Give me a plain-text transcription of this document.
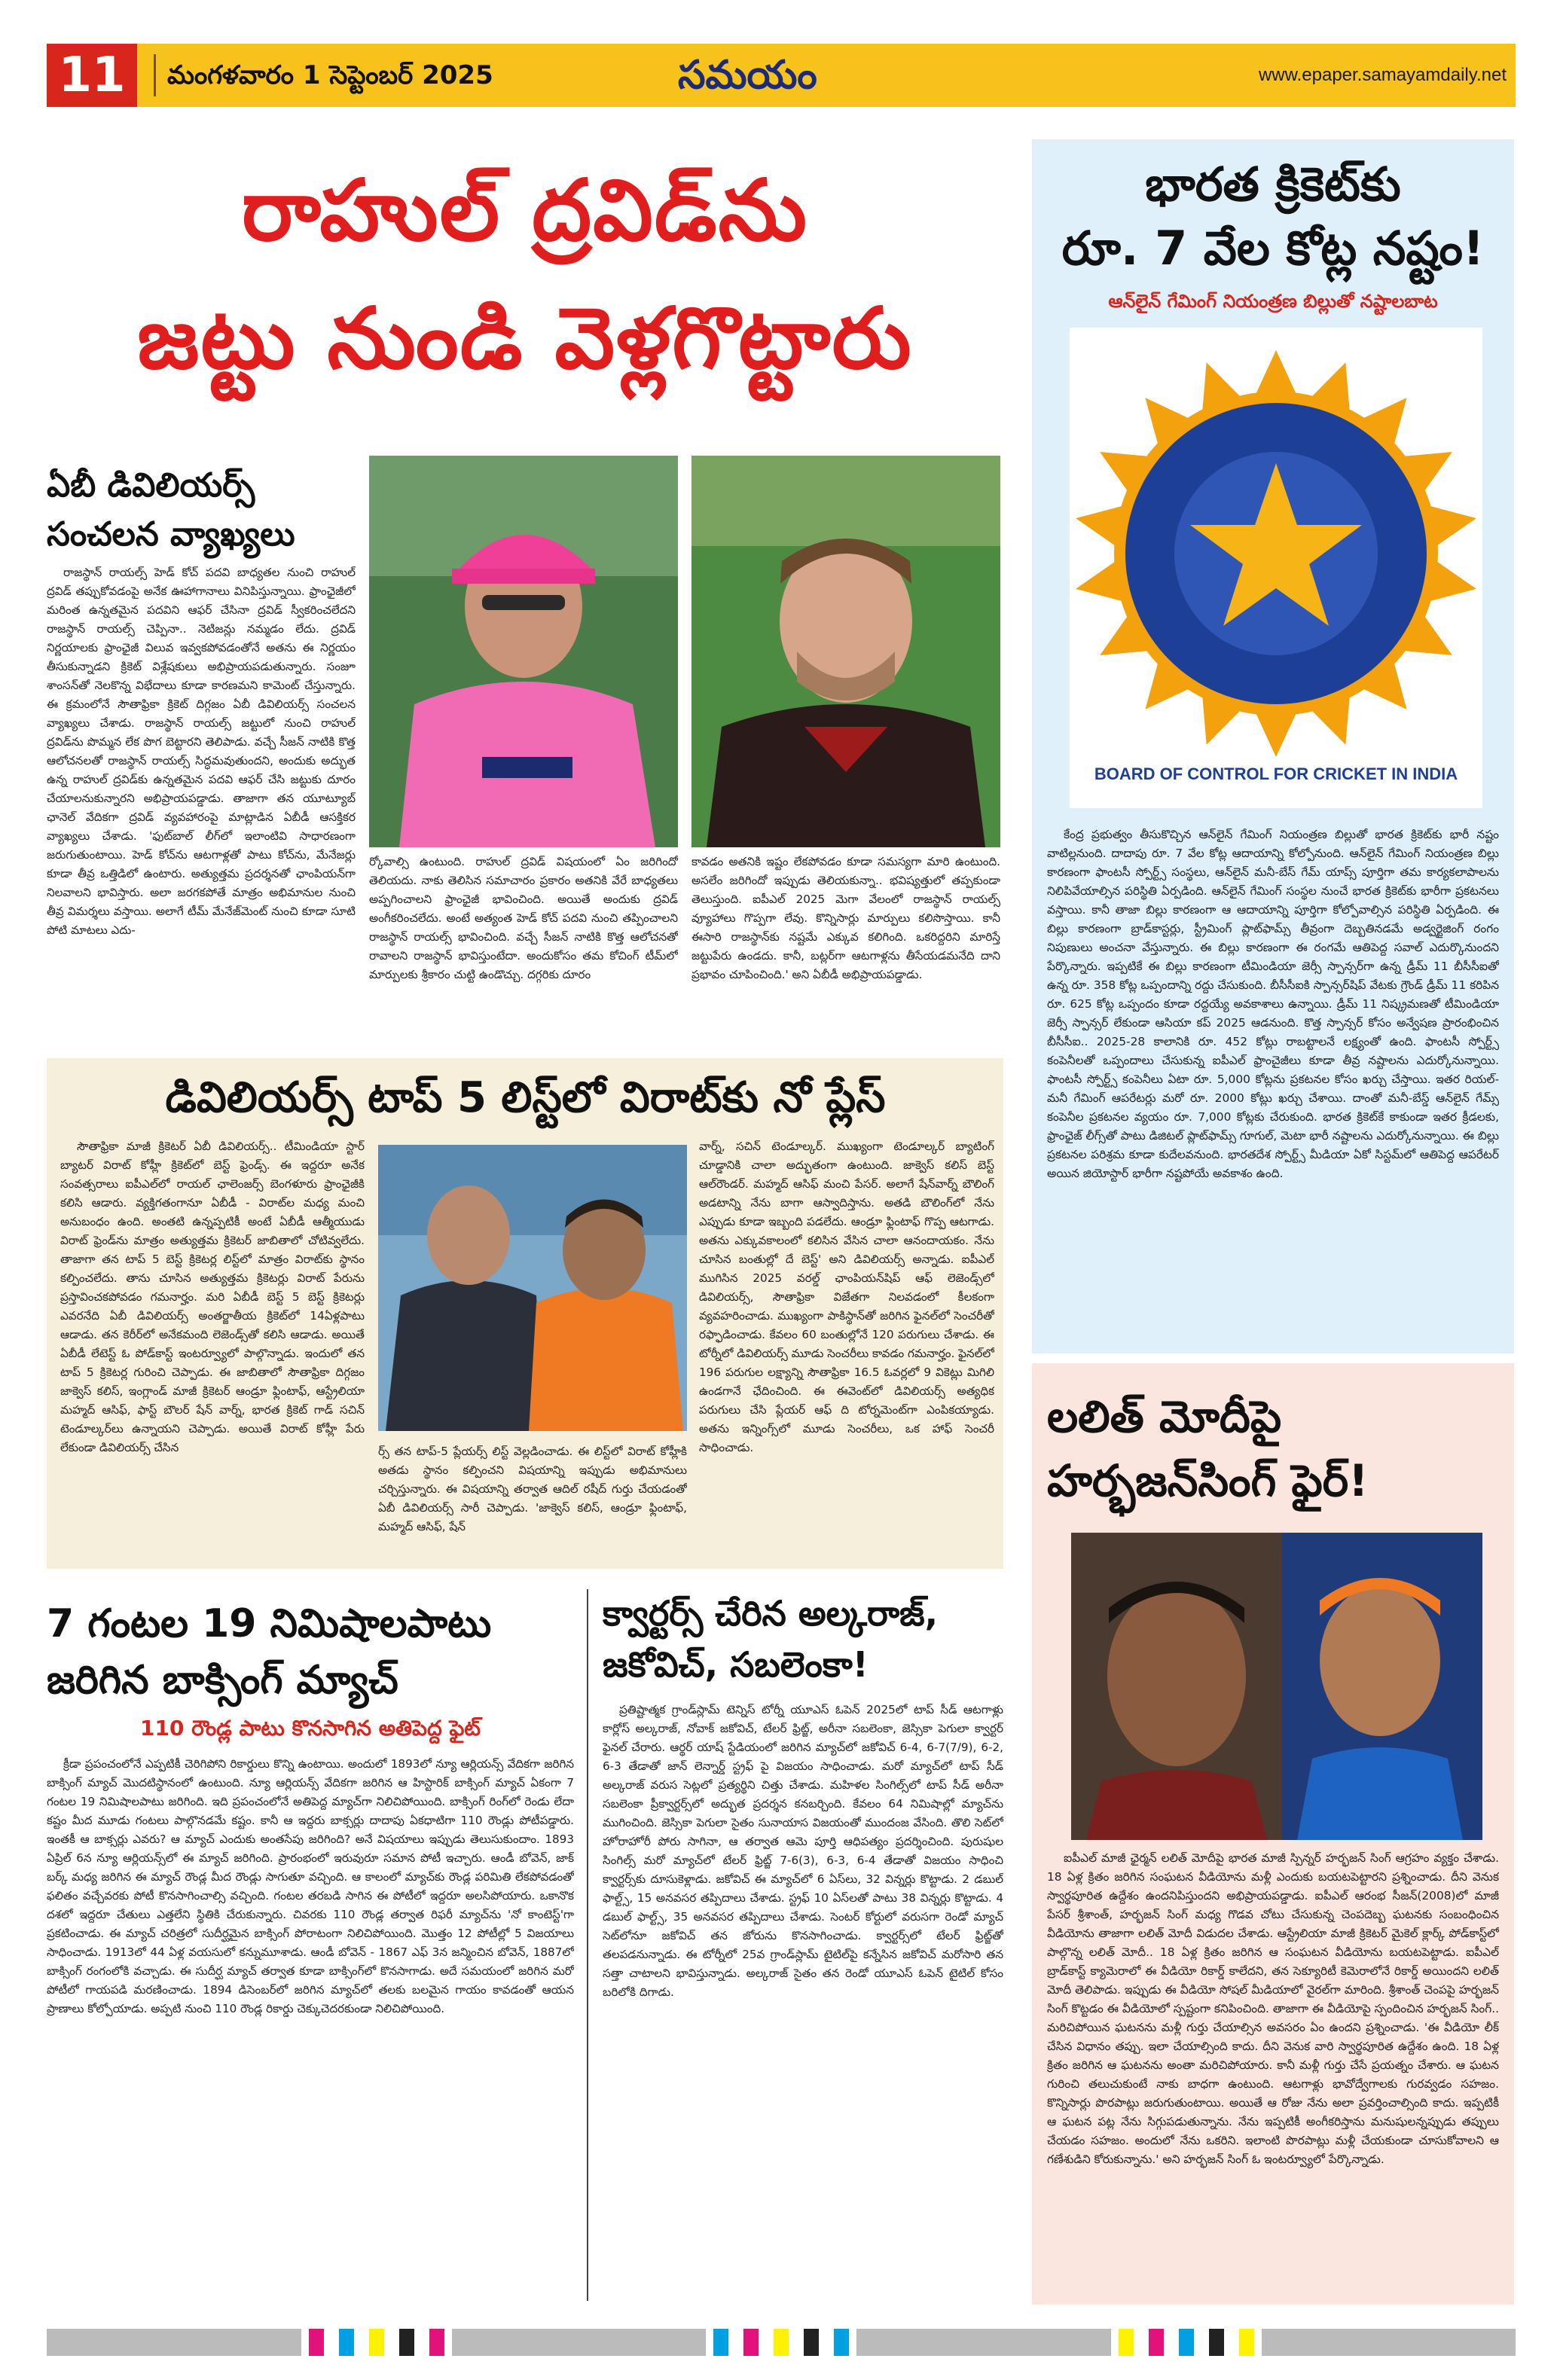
11	మంగళవారం 1 సెప్టెంబర్ 2025	సమయం	www.epaper.samayamdaily.net
రాహుల్ ద్రవిడ్‌ను
జట్టు నుండి వెళ్లగొట్టారు
ఏబీ డివిలియర్స్
సంచలన వ్యాఖ్యలు

రాజస్థాన్ రాయల్స్ హెడ్ కోచ్ పదవి బాధ్యతల నుంచి రాహుల్ ద్రవిడ్ తప్పుకోవడంపై అనేక ఊహాగానాలు వినిపిస్తున్నాయి. ఫ్రాంఛైజీలో మరింత ఉన్నతమైన పదవిని ఆఫర్ చేసినా ద్రవిడ్ స్వీకరించలేదని రాజస్థాన్ రాయల్స్ చెప్పినా.. నెటిజన్లు నమ్మడం లేదు. ద్రవిడ్ నిర్ణయాలకు ఫ్రాంఛైజీ విలువ ఇవ్వకపోవడంతోనే అతను ఈ నిర్ణయం తీసుకున్నాడని క్రికెట్ విశ్లేషకులు అభిప్రాయపడుతున్నారు. సంజూ శాంసన్‌తో నెలకొన్న విభేదాలు కూడా కారణమని కామెంట్ చేస్తున్నారు. ఈ క్రమంలోనే సౌతాఫ్రికా క్రికెట్ దిగ్గజం ఏబీ డివిలియర్స్ సంచలన వ్యాఖ్యలు చేశాడు. రాజస్థాన్ రాయల్స్ జట్టులో నుంచి రాహుల్ ద్రవిడ్‌ను పొమ్మన లేక పొగ బెట్టారని తెలిపాడు. వచ్చే సీజన్ నాటికి కొత్త ఆలోచనలతో రాజస్థాన్ రాయల్స్ సిద్ధమవుతుందని, అందుకు అద్భుత ఉన్న రాహుల్ ద్రవిడ్‌కు ఉన్నతమైన పదవి ఆఫర్ చేసి జట్టుకు దూరం చేయాలనుకున్నారని అభిప్రాయపడ్డాడు. తాజాగా తన యూట్యూబ్ ఛానెల్ వేదికగా ద్రవిడ్ వ్యవహారంపై మాట్లాడిన ఏబీడీ ఆసక్తికర వ్యాఖ్యలు చేశాడు. 'ఫుట్‌బాల్ లీగ్‌లో ఇలాంటివి సాధారణంగా జరుగుతుంటాయి. హెడ్ కోచ్‌ను ఆటగాళ్లతో పాటు కోచ్‌ను, మేనేజర్లు కూడా తీవ్ర ఒత్తిడిలో ఉంటారు. అత్యుత్తమ ప్రదర్శనతో ఛాంపియన్‌గా నిలవాలని భావిస్తారు. అలా జరగకపోతే మాత్రం అభిమానుల నుంచి తీవ్ర విమర్శలు వస్తాయి. అలాగే టీమ్ మేనేజ్‌మెంట్ నుంచి కూడా సూటి పోటి మాటలు ఎదు-

ర్కోవాల్సి ఉంటుంది. రాహుల్ ద్రవిడ్ విషయంలో ఏం జరిగిందో తెలియదు. నాకు తెలిసిన సమాచారం ప్రకారం అతనికి వేరే బాధ్యతలు అప్పగించాలని ఫ్రాంఛైజీ భావించింది. అయితే అందుకు ద్రవిడ్ అంగీకరించలేదు. అంటే అత్యంత హెడ్ కోచ్ పదవి నుంచి తప్పించాలని రాజస్థాన్ రాయల్స్ భావించింది. వచ్చే సీజన్ నాటికి కొత్త ఆలోచనతో రావాలని రాజస్థాన్ భావిస్తుంటేదా. అందుకోసం తమ కోచింగ్ టీమ్‌లో మార్పులకు శ్రీకారం చుట్టి ఉండొచ్చు. దగ్గరికు దూరం

కావడం అతనికి ఇష్టం లేకపోవడం కూడా సమస్యగా మారి ఉంటుంది. అసలేం జరిగిందో ఇప్పుడు తెలియకున్నా.. భవిష్యత్తులో తప్పకుండా తెలుస్తుంది. ఐపీఎల్ 2025 మెగా వేలంలో రాజస్థాన్ రాయల్స్ వ్యూహాలు గొప్పగా లేవు. కొన్నిసార్లు మార్పులు కలిసొస్తాయి. కానీ ఈసారి రాజస్థాన్‌కు నష్టమే ఎక్కువ కలిగింది. ఒకరిద్దరిని మారిస్తే జట్టుపేరు ఉండదు. కానీ, బట్లర్‌గా ఆటగాళ్లను తీసేయడమనేది దాని ప్రభావం చూపించింది.' అని ఏబీడీ అభిప్రాయపడ్డాడు.

భారత క్రికెట్‌కు
రూ. 7 వేల కోట్ల నష్టం!
ఆన్‌లైన్ గేమింగ్ నియంత్రణ బిల్లుతో నష్టాలబాట
BOARD OF CONTROL FOR CRICKET IN INDIA

కేంద్ర ప్రభుత్వం తీసుకొచ్చిన ఆన్‌లైన్ గేమింగ్ నియంత్రణ బిల్లుతో భారత క్రికెట్‌కు భారీ నష్టం వాటిల్లనుంది. దాదాపు రూ. 7 వేల కోట్ల ఆదాయాన్ని కోల్పోనుంది. ఆన్‌లైన్ గేమింగ్ నియంత్రణ బిల్లు కారణంగా ఫాంటసీ స్పోర్ట్స్ సంస్థలు, ఆన్‌లైన్ మనీ-బేస్ గేమ్ యాప్స్ పూర్తిగా తమ కార్యకలాపాలను నిలిపివేయాల్సిన పరిస్థితి ఏర్పడింది. ఆన్‌లైన్ గేమింగ్ సంస్థల నుంచే భారత క్రికెట్‌కు భారీగా ప్రకటనలు వస్తాయి. కానీ తాజా బిల్లు కారణంగా ఆ ఆదాయాన్ని పూర్తిగా కోల్పోవాల్సిన పరిస్థితి ఏర్పడింది. ఈ బిల్లు కారణంగా బ్రాడ్‌కాస్టర్లు, స్ట్రీమింగ్ ప్లాట్‌ఫామ్స్ తీవ్రంగా దెబ్బతినడమే అడ్వర్టైజింగ్ రంగం నిపుణులు అంచనా వేస్తున్నారు. ఈ బిల్లు కారణంగా ఈ రంగమే ఆతిపెద్ద సవాల్ ఎదుర్కొనుందని పేర్కొన్నారు. ఇప్పటికే ఈ బిల్లు కారణంగా టీమిండియా జెర్సీ స్పాన్సర్‌గా ఉన్న డ్రీమ్ 11 బీసీసీఐతో ఉన్న రూ. 358 కోట్ల ఒప్పందాన్ని రద్దు చేసుకుంది. బీసీసీఐకి స్పాన్సర్‌షిప్ వేటకు గ్రౌండ్ డ్రీమ్ 11 కరిపిన రూ. 625 కోట్ల ఒప్పందం కూడా రద్దయ్యే అవకాశాలు ఉన్నాయి. డ్రీమ్ 11 నిష్క్రమణతో టీమిండియా జెర్సీ స్పాన్సర్ లేకుండా ఆసియా కప్ 2025 ఆడనుంది. కొత్త స్పాన్సర్ కోసం అన్వేషణ ప్రారంభించిన బీసీసీఐ.. 2025-28 కాలానికి రూ. 452 కోట్లు రాబట్టాలనే లక్ష్యంతో ఉంది. ఫాంటసీ స్పోర్ట్స్ కంపెనీలతో ఒప్పందాలు చేసుకున్న ఐపీఎల్ ఫ్రాంచైజీలు కూడా తీవ్ర నష్టాలను ఎదుర్కోనున్నాయి. ఫాంటసీ స్పోర్ట్స్ కంపెనీలు ఏటా రూ. 5,000 కోట్లను ప్రకటనల కోసం ఖర్చు చేస్తాయి. ఇతర రియల్-మనీ గేమింగ్ ఆపరేటర్లు మరో రూ. 2000 కోట్లు ఖర్చు చేశాయి. దాంతో మనీ-బేస్డ్ ఆన్‌లైన్ గేమ్స్ కంపెనీల ప్రకటనల వ్యయం రూ. 7,000 కోట్లకు చేరుకుంది. భారత క్రికెట్‌కే కాకుండా ఇతర క్రీడలకు, ఫ్రాంఛైజ్ లీగ్స్‌తో పాటు డిజిటల్ ప్లాట్‌ఫామ్స్ గూగుల్, మెటా భారీ నష్టాలను ఎదుర్కోనున్నాయి. ఈ బిల్లు ప్రకటనల పరిశ్రమ కూడా కుదేలవనుంది. భారతదేశ స్పోర్ట్స్ మీడియా ఏకో సిస్టమ్‌లో ఆతిపెద్ద ఆపరేటర్ అయిన జియోస్టార్ భారీగా నష్టపోయే అవకాశం ఉంది.

డివిలియర్స్ టాప్ 5 లిస్ట్‌లో విరాట్‌కు నో ప్లేస్

సౌతాఫ్రికా మాజీ క్రికెటర్ ఏబీ డివిలియర్స్.. టీమిండియా స్టార్ బ్యాటర్ విరాట్ కోహ్లీ క్రికెట్‌లో బెస్ట్ ఫ్రెండ్స్. ఈ ఇద్దరూ అనేక సంవత్సరాలు ఐపీఎల్‌లో రాయల్ ఛాలెంజర్స్ బెంగళూరు ఫ్రాంఛైజీకి కలిసి ఆడారు. వ్యక్తిగతంగానూ ఏబీడీ - విరాట్‌ల మధ్య మంచి అనుబంధం ఉంది. అంతటి ఉన్నప్పటికీ అంటే ఏబీడీ ఆత్మీయుడు విరాట్ ఫ్రెండ్‌ను మాత్రం అత్యుత్తమ క్రికెటర్ జాబితాలో చోటివ్వలేదు. తాజాగా తన టాప్ 5 బెస్ట్ క్రికెటర్ల లిస్ట్‌లో మాత్రం విరాట్‌కు స్థానం కల్పించలేదు. తాను చూసిన అత్యుత్తమ క్రికెటర్లు విరాట్ పేరును ప్రస్తావించకపోవడం గమనార్హం. మరి ఏబీడీ బెస్ట్ 5 బెస్ట్ క్రికెటర్లు ఎవరనేది ఏబీ డివిలియర్స్ అంతర్జాతీయ క్రికెట్‌లో 14ఏళ్లపాటు ఆడాడు. తన కెరీర్‌లో అనేకమంది లెజెండ్స్‌తో కలిసి ఆడాడు. అయితే ఏబీడీ లేటెస్ట్ ఓ పోడ్‌కాస్ట్ ఇంటర్వ్యూలో పాల్గొన్నాడు. ఇందులో తన టాప్ 5 క్రికెటర్ల గురించి చెప్పాడు. ఈ జాబితాలో సౌతాఫ్రికా దిగ్గజం జాక్వెస్ కలిస్, ఇంగ్లాండ్ మాజీ క్రికెటర్ ఆండ్రూ ఫ్లింటాఫ్, ఆస్ట్రేలియా మహ్మద్ ఆసిఫ్, ఫాస్ట్ బౌలర్ షేన్ వార్న్, భారత క్రికెట్ గాడ్ సచిన్ టెండూల్కర్‌లు ఉన్నాయని చెప్పాడు. అయితే విరాట్ కోహ్లీ పేరు లేకుండా డివిలియర్స్ చేసిన	ర్స్ తన టాప్-5 ప్లేయర్స్ లిస్ట్ వెల్లడించాడు. ఈ లిస్ట్‌లో విరాట్ కోహ్లీకి అతడు స్థానం కల్పించని విషయాన్ని ఇప్పుడు అభిమానులు చర్చిస్తున్నారు. ఈ విషయాన్ని తర్వాత ఆదిల్ రషీద్ గుర్తు చేయడంతో ఏబీ డివిలియర్స్ సారీ చెప్పాడు. 'జాక్వెస్ కలిస్, ఆండ్రూ ఫ్లింటాఫ్, మహ్మద్ ఆసిఫ్, షేన్

వార్న్, సచిన్ టెండూల్కర్. ముఖ్యంగా టెండూల్కర్ బ్యాటింగ్ చూడ్డానికి చాలా అద్భుతంగా ఉంటుంది. జాక్వెస్ కలిస్ బెస్ట్ ఆల్‌రౌండర్. మహ్మద్ ఆసిఫ్ మంచి పేసర్. అలాగే షేన్‌వార్న్ బౌలింగ్ అడటాన్ని నేను బాగా ఆస్వాదిస్తాను. అతడి బౌలింగ్‌లో నేను ఎప్పుడు కూడా ఇబ్బంది పడలేదు. ఆండ్రూ ఫ్లింటాఫ్ గొప్ప ఆటగాడు. అతను ఎక్కువకాలంలో కలిసిన వేసిన చాలా ఆనందాయకం. నేను చూసిన బంతుల్లో దే బెస్ట్' అని డివిలియర్స్ అన్నాడు. ఐపీఎల్ ముగిసిన 2025 వరల్డ్ ఛాంపియన్‌షిప్ ఆఫ్ లెజెండ్స్‌లో డివిలియర్స్, సౌతాఫ్రికా విజేతగా నిలవడంలో కీలకంగా వ్యవహరించాడు. ముఖ్యంగా పాకిస్థాన్‌తో జరిగిన ఫైనల్‌లో సెంచరీతో రఫ్ఫాడించాడు. కేవలం 60 బంతుల్లోనే 120 పరుగులు చేశాడు. ఈ టోర్నీలో డివిలియర్స్ మూడు సెంచరీలు కావడం గమనార్హం. ఫైనల్‌లో 196 పరుగుల లక్ష్యాన్ని సౌతాఫ్రికా 16.5 ఓవర్లలో 9 వికెట్లు మిగిలి ఉండగానే ఛేదించింది. ఈ ఈవెంట్‌లో డివిలియర్స్ అత్యధిక పరుగులు చేసి ప్లేయర్ ఆఫ్ ది టోర్నమెంట్‌గా ఎంపికయ్యాడు. అతను ఇన్నింగ్స్‌లో మూడు సెంచరీలు, ఒక హాఫ్ సెంచరీ సాధించాడు.

లలిత్ మోదీపై
హర్భజన్‌సింగ్ ఫైర్!

ఐపీఎల్ మాజీ ఛైర్మన్ లలిత్ మోదీపై భారత మాజీ స్పిన్నర్ హర్భజన్ సింగ్ ఆగ్రహం వ్యక్తం చేశాడు. 18 ఏళ్ల క్రితం జరిగిన సంఘటన వీడియోను మళ్లీ ఎందుకు బయటపెట్టారని ప్రశ్నించాడు. దీని వెనుక స్వార్థపూరిత ఉద్దేశం ఉందనిపిస్తుందని అభిప్రాయపడ్డాడు. ఐపీఎల్ ఆరంభ సీజన్(2008)లో మాజీ పేసర్ శ్రీశాంత్, హర్భజన్ సింగ్ మధ్య గొడవ చోటు చేసుకున్న చెంపదెబ్బ ఘటనకు సంబంధించిన వీడియోను తాజాగా లలిత్ మోదీ విడుదల చేశాడు. ఆస్ట్రేలియా మాజీ క్రికెటర్ మైకెల్ క్లార్క్ పోడ్‌కాస్ట్‌లో పాల్గొన్న లలిత్ మోదీ.. 18 ఏళ్ల క్రితం జరిగిన ఆ సంఘటన వీడియోను బయటపెట్టాడు. ఐపీఎల్ బ్రాడ్‌కాస్ట్ క్యామెరాలో ఈ వీడియో రికార్డ్ కాలేదని, తన సెక్యూరిటీ కెమెరాలోనే రికార్డ్ అయిందని లలిత్ మోదీ తెలిపాడు. ఇప్పుడు ఈ వీడియో సోషల్ మీడియాలో వైరల్‌గా మారింది. శ్రీశాంత్ చెంపపై హర్భజన్ సింగ్ కొట్టడం ఈ వీడియోలో స్పష్టంగా కనిపించింది. తాజాగా ఈ వీడియోపై స్పందించిన హర్భజన్ సింగ్.. మరిచిపోయిన ఘటనను మళ్లీ గుర్తు చేయాల్సిన అవసరం ఏం ఉందని ప్రశ్నించాడు. 'ఈ వీడియో లీక్ చేసిన విధానం తప్పు. ఇలా చేయాల్సింది కాదు. దీని వెనుక వారి స్వార్థపూరిత ఉద్దేశం ఉంది. 18 ఏళ్ల క్రితం జరిగిన ఆ ఘటనను అంతా మరిచిపోయారు. కానీ మళ్లీ గుర్తు చేసే ప్రయత్నం చేశారు. ఆ ఘటన గురించి తలుచుకుంటే నాకు బాధగా ఉంటుంది. ఆటగాళ్లు భావోద్వేగాలకు గురవ్వడం సహజం. కొన్నిసార్లు పొరపాట్లు జరుగుతుంటాయి. అయితే ఆ రోజు నేను అలా ప్రవర్తించాల్సింది కాదు. ఇప్పటికీ ఆ ఘటన పట్ల నేను సిగ్గుపడుతున్నాను. నేను ఇప్పటికీ అంగీకరిస్తాను మనుషులన్నప్పుడు తప్పులు చేయడం సహజం. అందులో నేను ఒకరిని. ఇలాంటి పొరపాట్లు మళ్లీ చేయకుండా చూసుకోవాలని ఆ గణేశుడిని కోరుకున్నాను.' అని హర్భజన్ సింగ్ ఓ ఇంటర్వ్యూలో పేర్కొన్నాడు.

7 గంటల 19 నిమిషాలపాటు
జరిగిన బాక్సింగ్ మ్యాచ్
110 రౌండ్ల పాటు కొనసాగిన అతిపెద్ద ఫైట్

క్రీడా ప్రపంచంలోనే ఎప్పటికీ చెరిగిపోని రికార్డులు కొన్ని ఉంటాయి. అందులో 1893లో న్యూ ఆర్లియన్స్ వేదికగా జరిగిన బాక్సింగ్ మ్యాచ్ మొదటిస్థానంలో ఉంటుంది. న్యూ ఆర్లియన్స్ వేదికగా జరిగిన ఆ హిస్టారిక్ బాక్సింగ్ మ్యాచ్ ఏకంగా 7 గంటల 19 నిమిషాలపాటు జరిగింది. ఇది ప్రపంచంలోనే అతిపెద్ద మ్యాచ్‌గా నిలిచిపోయింది. బాక్సింగ్ రింగ్‌లో రెండు లేదా కష్టం మీద మూడు గంటలు పాల్గొనడమే కష్టం. కానీ ఆ ఇద్దరు బాక్సర్లు దాదాపు ఏకధాటిగా 110 రౌండ్లు పోటీపడ్డారు. ఇంతకీ ఆ బాక్సర్లు ఎవరు? ఆ మ్యాచ్ ఎందుకు అంతసేపు జరిగింది? అనే విషయాలు ఇప్పుడు తెలుసుకుందాం. 1893 ఏప్రిల్ 6న న్యూ ఆర్లియన్స్‌లో ఈ మ్యాచ్ జరిగింది. ప్రారంభంలో ఇరువురూ సమాన పోటీ ఇచ్చారు. ఆండీ బోవెన్, జాక్ బర్క్ మధ్య జరిగిన ఈ మ్యాచ్ రౌండ్ల మీద రౌండ్లు సాగుతూ వచ్చింది. ఆ కాలంలో మ్యాచ్‌కు రౌండ్ల పరిమితి లేకపోవడంతో ఫలితం వచ్చేవరకు పోటీ కొనసాగించాల్సి వచ్చింది. గంటల తరబడి సాగిన ఈ పోటీలో ఇద్దరూ అలసిపోయారు. ఒకానొక దశలో ఇద్దరూ చేతులు ఎత్తలేని స్థితికి చేరుకున్నారు. చివరకు 110 రౌండ్ల తర్వాత రిఫరీ మ్యాచ్‌ను 'నో కాంటెస్ట్'గా ప్రకటించాడు. ఈ మ్యాచ్ చరిత్రలో సుదీర్ఘమైన బాక్సింగ్ పోరాటంగా నిలిచిపోయింది. మొత్తం 12 పోటీల్లో 5 విజయాలు సాధించాడు. 1913లో 44 ఏళ్ల వయసులో కన్నుమూశాడు. ఆండీ బోవెన్ - 1867 ఎఫ్ 3న జన్మించిన బోవెన్, 1887లో బాక్సింగ్ రంగంలోకి వచ్చాడు. ఈ సుదీర్ఘ మ్యాచ్ తర్వాత కూడా బాక్సింగ్‌లో కొనసాగాడు. అదే సమయంలో జరిగిన మరో పోటీలో గాయపడి మరణించాడు. 1894 డిసెంబర్‌లో జరిగిన మ్యాచ్‌లో తలకు బలమైన గాయం కావడంతో ఆయన ప్రాణాలు కోల్పోయాడు. అప్పటి నుంచి 110 రౌండ్ల రికార్డు చెక్కుచెదరకుండా నిలిచిపోయింది.

క్వార్టర్స్ చేరిన అల్కరాజ్,
జకోవిచ్, సబలెంకా!

ప్రతిష్టాత్మక గ్రాండ్‌స్లామ్ టెన్నిస్ టోర్నీ యూఎస్ ఓపెన్ 2025లో టాప్ సీడ్ ఆటగాళ్లు కార్లోస్ అల్కరాజ్, నోవాక్ జకోవిచ్, టేలర్ ఫ్రిట్జ్, అరీనా సబలెంకా, జెస్సికా పెగులా క్వార్టర్ ఫైనల్ చేరారు. ఆర్థర్ యాష్ స్టేడియంలో జరిగిన మ్యాచ్‌లో జకోవిచ్ 6-4, 6-7(7/9), 6-2, 6-3 తేడాతో జాన్ లెన్నార్డ్ స్ట్రఫ్ పై విజయం సాధించాడు. మరో మ్యాచ్‌లో టాప్ సీడ్ అల్కరాజ్ వరుస సెట్లలో ప్రత్యర్థిని చిత్తు చేశాడు. మహిళల సింగిల్స్‌లో టాప్ సీడ్ అరీనా సబలెంకా ప్రీక్వార్టర్స్‌లో అద్భుత ప్రదర్శన కనబర్చింది. కేవలం 64 నిమిషాల్లో మ్యాచ్‌ను ముగించింది. జెస్సికా పెగులా సైతం సునాయాస విజయంతో ముందంజ వేసింది. తొలి సెట్‌లో హోరాహోరీ పోరు సాగినా, ఆ తర్వాత ఆమె పూర్తి ఆధిపత్యం ప్రదర్శించింది. పురుషుల సింగిల్స్ మరో మ్యాచ్‌లో టేలర్ ఫ్రిట్జ్ 7-6(3), 6-3, 6-4 తేడాతో విజయం సాధించి క్వార్టర్స్‌కు దూసుకెళ్లాడు. జకోవిచ్ ఈ మ్యాచ్‌లో 6 ఏస్‌లు, 32 విన్నర్లు కొట్టాడు. 2 డబుల్ ఫాల్ట్స్, 15 అనవసర తప్పిదాలు చేశాడు. స్ట్రఫ్ 10 ఏస్‌లతో పాటు 38 విన్నర్లు కొట్టాడు. 4 డబుల్ ఫాల్ట్స్, 35 అనవసర తప్పిదాలు చేశాడు. సెంటర్ కోర్టులో వరుసగా రెండో మ్యాచ్ సెట్‌లోనూ జకోవిచ్ తన జోరును కొనసాగించాడు. క్వార్టర్స్‌లో టేలర్ ఫ్రిట్జ్‌తో తలపడనున్నాడు. ఈ టోర్నీలో 25వ గ్రాండ్‌స్లామ్ టైటిల్‌పై కన్నేసిన జకోవిచ్ మరోసారి తన సత్తా చాటాలని భావిస్తున్నాడు. అల్కరాజ్ సైతం తన రెండో యూఎస్ ఓపెన్ టైటిల్ కోసం బరిలోకి దిగాడు.
